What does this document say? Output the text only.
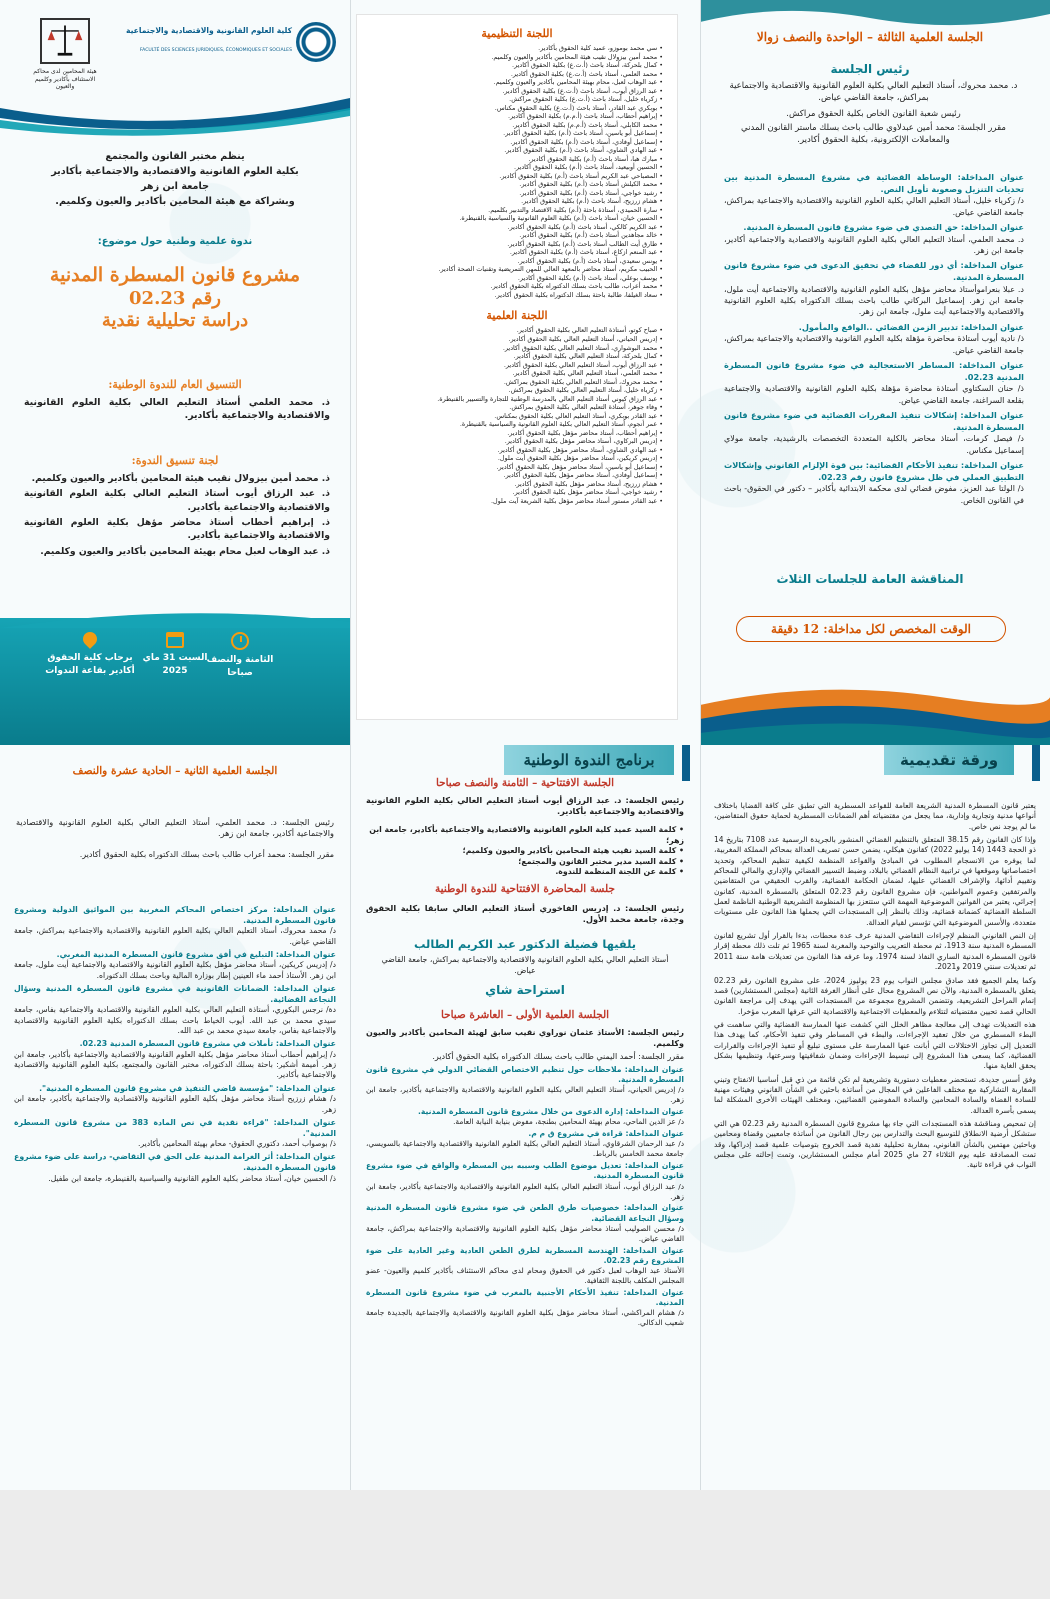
الجلسة العلمية الثالثة – الواحدة والنصف زوالا
رئيس الجلسة
د. محمد محروك، أستاذ التعليم العالي بكلية العلوم القانونية والاقتصادية والاجتماعية بمراكش، جامعة القاضي عياض.
رئيس شعبة القانون الخاص بكلية الحقوق مراكش.
مقرر الجلسة: محمد أمين عبدلاوي طالب باحث بسلك ماستر القانون المدني والمعاملات الإلكترونية، بكلية الحقوق أكادير.
عنوان المداخلة: الوساطة القضائية في مشروع المسطرة المدنية بين تحديات التنزيل وصعوبة تأويل النص.
د/ زكرياء خليل، أستاذ التعليم العالي بكلية العلوم القانونية والاقتصادية والاجتماعية بمراكش، جامعة القاضي عياض.
عنوان المداخلة: حق التصدي في ضوء مشروع قانون المسطرة المدنية.
د. محمد العلمي، أستاذ التعليم العالي بكلية العلوم القانونية والاقتصادية والاجتماعية أكادير، جامعة ابن زهر.
عنوان المداخلة: أي دور للقضاء في تحقيق الدعوى في ضوء مشروع قانون المسطرة المدنية.
د. عبلا بنعراموأستاذ محاضر مؤهل بكلية العلوم القانونية والاقتصادية والاجتماعية أيت ملول، جامعة ابن زهر. إسماعيل البركاني طالب باحث بسلك الدكتوراه بكلية العلوم القانونية والاقتصادية والاجتماعية أيت ملول، جامعة ابن زهر.
عنوان المداخلة: تدبير الزمن القضائي ..الواقع والمأمول.
ذ/ نادية أيوب أستاذة محاضرة مؤهلة بكلية العلوم القانونية والاقتصادية والاجتماعية بمراكش، جامعة القاضي عياض.
عنوان المداخلة: المساطر الاستعجالية في ضوء مشروع قانون المسطرة المدنية 02.23.
ذ/ حنان السكتاوي أستاذة محاضرة مؤهلة بكلية العلوم القانونية والاقتصادية والاجتماعية بقلعة السراغنة، جامعة القاضي عياض.
عنوان المداخلة: إشكالات تنفيذ المقررات القضائية في ضوء مشروع قانون المسطرة المدنية.
د/ فيصل كرمات، أستاذ محاضر بالكلية المتعددة التخصصات بالرشيدية، جامعة مولاي إسماعيل مكناس.
عنوان المداخلة: تنفيذ الأحكام القضائية: بين قوة الإلزام القانوني وإشكالات التطبيق العملي في ظل مشروع قانون رقم 02.23.
ذ/ الولتا عبد العزيز، مفوض قضائي لدى محكمة الابتدائية بأكادير – دكتور في الحقوق- باحث في القانون الخاص.
المناقشة العامة للجلسات الثلاث
الوقت المخصص لكل مداخلة: 12 دقيقة
اللجنة التنظيمية
• سي محمد بوموزو، عميد كلية الحقوق بأكادير.
• محمد أمين بيزولال نقيب هيئة المحامين بأكادير والعيون وكلميم.
• كمال بلحركة، أستاذ باحث (أ.ت.ع) بكلية الحقوق أكادير.
• محمد العلمي، أستاذ باحث (أ.ت.ع) بكلية الحقوق أكادير.
• عبد الوهاب لعبل، محام بهيئة المحامين بأكادير والعيون وكلميم.
• عبد الرزاق أيوب، أستاذ باحث (أ.ت.ع) بكلية الحقوق أكادير.
• زكرياء خليل، أستاذ باحث (أ.ت.ع) بكلية الحقوق مراكش.
• بوبكري عبد القادر، أستاذ باحث (أ.ت.ع) بكلية الحقوق مكناس.
• إبراهيم أحطاب، أستاذ باحث (أ.م.م) بكلية الحقوق أكادير.
• محمد الكابلي، أستاذ باحث (أ.م.م) بكلية الحقوق أكادير.
• إسماعيل أبو ياسين، أستاذ باحث (أ.م) بكلية الحقوق أكادير.
• إسماعيل أوفادي، أستاذ باحث (أ.م) بكلية الحقوق أكادير.
• عبد الهادي الشاوي، أستاذ باحث (أ.م) بكلية الحقوق أكادير.
• مبارك هبا، أستاذ باحث (أ.م) بكلية الحقوق أكادير.
• الحسين أوبيعيد، أستاذ باحث (أ.م) بكلية الحقوق أكادير.
• المصباحي عبد الكريم أستاذ باحث (أ.م) بكلية الحقوق أكادير.
• محمد الكيلش أستاذ باحث (أ.م) بكلية الحقوق أكادير.
• رشيد خواجي، أستاذ باحث (أ.م) بكلية الحقوق أكادير.
• هشام زرزيح، أستاذ باحث (أ.م) بكلية الحقوق أكادير.
• سارة الحميدي، أستاذة باحثة (أ.م) بكلية الاقتصاد والتدبير بكلميم.
• الحسين خيان، أستاذ باحث (أ.م) بكلية العلوم القانونية والسياسية بالقنيطرة.
• عبد الكريم كالكي، أستاذ باحث (أ.م) بكلية الحقوق أكادير.
• خالد مجاهدين أستاذ باحث (أ.م) بكلية الحقوق أكادير.
• طارق أيت الطالب أستاذ باحث (أ.م) بكلية الحقوق أكادير.
• عبد المنعم ازكاغ، أستاذ باحث (أ.م) بكلية الحقوق أكادير.
• يونس سعيدي، أستاذ باحث (أ.م) بكلية الحقوق أكادير.
• الحبيب مكريم، أستاذ محاضر بالمعهد العالي للمهن التمريضية وتقنيات الصحة أكادير.
• يوسف بوعلي، أستاذ باحث (أ.م) بكلية الحقوق أكادير.
• محمد أعراب، طالب باحث بسلك الدكتوراه بكلية الحقوق أكادير.
• سعاد الغيلفا، طالبة باحثة بسلك الدكتوراه بكلية الحقوق أكادير.
اللجنة العلمية
• صباح كوتو، أستاذة التعليم العالي بكلية الحقوق أكادير.
• إدريس الحياني، أستاذ التعليم العالي بكلية الحقوق أكادير.
• محمد البوشواري، أستاذ التعليم العالي بكلية الحقوق أكادير.
• كمال بلحركة، أستاذ التعليم العالي بكلية الحقوق أكادير.
• عبد الرزاق أيوب، أستاذ التعليم العالي بكلية الحقوق أكادير.
• محمد العلمي، أستاذ التعليم العالي بكلية الحقوق أكادير.
• محمد محروك، أستاذ التعليم العالي بكلية الحقوق بمراكش.
• زكرياء خليل، أستاذ التعليم العالي بكلية الحقوق بمراكش.
• عبد الرزاق كيوني أستاذ التعليم العالي بالمدرسة الوطنية للتجارة والتسيير بالقنيطرة.
• وفاء جوهر، أستاذة التعليم العالي بكلية الحقوق بمراكش.
• عبد القادر بوبكري، أستاذ التعليم العالي بكلية الحقوق بمكناس.
• عمر أنجوم، أستاذ التعليم العالي بكلية العلوم القانونية والسياسية بالقنيطرة.
• إبراهيم أحطاب، أستاذ محاضر مؤهل بكلية الحقوق أكادير.
• إدريس البركاوي، أستاذ محاضر مؤهل بكلية الحقوق أكادير.
• عبد الهادي الشاوي، أستاذ محاضر مؤهل بكلية الحقوق أكادير.
• إدريس كريكين، أستاذ محاضر مؤهل بكلية الحقوق أيت ملول.
• إسماعيل أبو ياسين، أستاذ محاضر مؤهل بكلية الحقوق أكادير.
• إسماعيل أوفادي، أستاذ محاضر مؤهل بكلية الحقوق أكادير.
• هشام زرزيح، أستاذ محاضر مؤهل بكلية الحقوق أكادير.
• رشيد خواجي، أستاذ محاضر مؤهل بكلية الحقوق أكادير.
• عبد القادر مستور أستاذ محاضر مؤهل بكلية الشريعة آيت ملول.
كلية العلوم القانونية والاقتصادية والاجتماعية
FACULTÉ DES SCIENCES JURIDIQUES, ÉCONOMIQUES ET SOCIALES
هيئة المحامين لدى محاكم الاستئناف بأكادير وكلميم والعيون
ينظم مختبر القانون والمجتمع
بكلية العلوم القانونية والاقتصادية والاجتماعية بأكادير
جامعة ابن زهر
وبشراكة مع هيئة المحامين بأكادير والعيون وكلميم.
ندوة علمية وطنية حول موضوع:
مشروع قانون المسطرة المدنية
رقم 02.23
دراسة تحليلية نقدية
التنسيق العام للندوة الوطنية:
ذ. محمد العلمي أستاذ التعليم العالي بكلية العلوم القانونية والاقتصادية والاجتماعية بأكادير.
لجنة تنسيق الندوة:
ذ. محمد أمين بيزولال نقيب هيئة المحامين بأكادير والعيون وكلميم.
ذ. عبد الرزاق أيوب أستاذ التعليم العالي بكلية العلوم القانونية والاقتصادية والاجتماعية بأكادير.
ذ. إبراهيم أحطاب أستاذ محاضر مؤهل بكلية العلوم القانونية والاقتصادية والاجتماعية بأكادير.
ذ. عبد الوهاب لعبل محام بهيئة المحامين بأكادير والعيون وكلميم.
الثامنة والنصف صباحا
السبت 31 ماي 2025
برحاب كلية الحقوق أكادير بقاعة الندوات
ورقة تقديمية

يعتبر قانون المسطرة المدنية الشريعة العامة للقواعد المسطرية التي تطبق على كافة القضايا باختلاف أنواعها مدنية وتجارية وإدارية، مما يجعل من مقتضياته أهم الضمانات المسطرية لحماية حقوق المتقاضين، ما لم يوجد نص خاص.

وإذا كان القانون رقم 38.15 المتعلق بالتنظيم القضائي المنشور بالجريدة الرسمية عدد 7108 بتاريخ 14 ذو الحجة 1443 (14 يوليو 2022) كقانون هيكلي، يضمن حسن تصريف العدالة بمحاكم المملكة المغربية، لما يوفره من الانسجام المطلوب في المبادئ والقواعد المنظمة لكيفية تنظيم المحاكم، وتحديد اختصاصاتها وموقعها في تراتبية النظام القضائي بالبلاد، وضبط التسيير القضائي والإداري والمالي للمحاكم وتقييم أدائها، والإشراف القضائي عليها، لضمان الحكامة القضائية، والقرب الحقيقي من المتقاضين والمرتفقين وعموم المواطنين، فإن مشروع القانون رقم 02.23 المتعلق بالمسطرة المدنية، كقانون إجرائي، يعتبر من القوانين الموضوعية المهمة التي ستتعزز بها المنظومة التشريعية الوطنية الناظمة لعمل السلطة القضائية كضمانة قضائية، وذلك بالنظر إلى المستجدات التي يحملها هذا القانون على مستويات متعددة، والأسس الموضوعية التي تؤسس لقيام العدالة.

إن النص القانوني المنظم لإجراءات التقاضي المدنية عرف عدة محطات، بدءا بالقرار أول تشريع لقانون المسطرة المدنية سنة 1913، ثم محطة التعريب والتوحيد والمغربة لسنة 1965 ثم تلت ذلك محطة إقرار قانون المسطرة المدنية الساري النفاذ لسنة 1974، وما عرفه هذا القانون من تعديلات هامة سنة 2011 ثم تعديلات سنتي 2019 و2021.

وكما يعلم الجميع فقد صادق مجلس النواب يوم 23 يوليوز 2024، على مشروع القانون رقم 02.23 يتعلق بالمسطرة المدنية، والآن نص المشروع محال على أنظار الغرفة الثانية (مجلس المستشارين) قصد إتمام المراحل التشريعية، وتتضمن المشروع مجموعة من المستجدات التي يهدف إلى مراجعة القانون الحالي قصد تحيين مقتضياته لتتلاءم والمعطيات الاجتماعية والاقتصادية التي عرفها المغرب مؤخرا.

هذه التعديلات تهدف إلى معالجة مظاهر الخلل التي كشفت عنها الممارسة القضائية والتي ساهمت في البطء المسطري من خلال تعقيد الإجراءات، والبطء في المساطر وفي تنفيذ الأحكام، كما يهدف هذا التعديل إلى تجاوز الاختلالات التي أبانت عنها الممارسة على مستوى تبليغ أو تنفيذ الإجراءات والقرارات القضائية، كما يسعى هذا المشروع إلى تبسيط الإجراءات وضمان شفافيتها وسرعتها، وتنظيمها بشكل يحقق الغاية منها.

وفق أسس جديدة، تستحضر معطيات دستورية وتشريعية لم تكن قائمة من ذي قبل أساسيا الانفتاح وتبني المقاربة التشاركية مع مختلف الفاعلين في المجال من أساتذة باحثين في الشأن القانوني وهيئات مهنية للسادة القضاة والسادة المحامين والسادة المفوضين القضائيين، ومختلف الهيئات الأخرى المشكلة لما يسمى بأسرة العدالة.

إن تمحيص ومناقشة هذه المستجدات التي جاء بها مشروع قانون المسطرة المدنية رقم 02.23 هي التي ستشكل أرضية الانطلاق للتوسيع البحث والتدارس بين رجال القانون من أساتذة جامعيين وقضاة ومحامين وباحثين مهتمين بالشأن القانوني، بمقاربة تحليلية نقدية قصد الخروج بتوصيات علمية قصد إدراكها، وقد تمت المصادقة عليه يوم الثلاثاء 27 ماي 2025 أمام مجلس المستشارين، وتمت إحالته على مجلس النواب في قراءة ثانية.

برنامج الندوة الوطنية
الجلسة الافتتاحية – الثامنة والنصف صباحا
رئيس الجلسة: د. عبد الرزاق أيوب أستاذ التعليم العالي بكلية العلوم القانونية والاقتصادية والاجتماعية بأكادير.
• كلمة السيد عميد كلية العلوم القانونية والاقتصادية والاجتماعية بأكادير، جامعة ابن زهر؛
• كلمة السيد نقيب هيئة المحامين بأكادير والعيون وكلميم؛
• كلمة السيد مدير مختبر القانون والمجتمع؛
• كلمة عن اللجنة المنظمة للندوة.
جلسة المحاضرة الافتتاحية للندوة الوطنية
رئيس الجلسة: د. إدريس الفاخوري أستاذ التعليم العالي سابقا بكلية الحقوق وجدة، جامعة محمد الأول.
يلقيها فضيلة الدكتور عبد الكريم الطالب
أستاذ التعليم العالي بكلية العلوم القانونية والاقتصادية والاجتماعية بمراكش، جامعة القاضي عياض.
استراحة شاي
الجلسة العلمية الأولى – العاشرة صباحا
رئيس الجلسة: الأستاذ عثمان نوراوي نقيب سابق لهيئة المحامين بأكادير والعيون وكلميم.
مقرر الجلسة: أحمد اليمني طالب باحث بسلك الدكتوراه بكلية الحقوق أكادير.
عنوان المداخلة: ملاحظات حول تنظيم الاختصاص القضائي الدولي في مشروع قانون المسطرة المدنية.
د/ إدريس الحياني، أستاذ التعليم العالي بكلية العلوم القانونية والاقتصادية والاجتماعية بأكادير، جامعة ابن زهر.
عنوان المداخلة: إدارة الدعوى من خلال مشروع قانون المسطرة المدنية.
د/ عز الدين الماحي، محام بهيئة المحامين بطنجة، مفوض بنيابة النيابة العامة.
عنوان المداخلة: قراءة في مشروع ق م م.
د/ عبد الرحمان الشرقاوي، أستاذ التعليم العالي بكلية العلوم القانونية والاقتصادية والاجتماعية بالسويسي، جامعة محمد الخامس بالرباط.
عنوان المداخلة: تعديل موضوع الطلب وسببه بين المسطرة والواقع في ضوء مشروع قانون المسطرة المدنية.
د/ عبد الرزاق أيوب، أستاذ التعليم العالي بكلية العلوم القانونية والاقتصادية والاجتماعية بأكادير، جامعة ابن زهر.
عنوان المداخلة: خصوصيات طرق الطعن في ضوء مشروع قانون المسطرة المدنية وسؤال النجاعة القضائية.
د/ محسن الصوليب أستاذ محاضر مؤهل بكلية العلوم القانونية والاقتصادية والاجتماعية بمراكش، جامعة القاضي عياض.
عنوان المداخلة: الهندسة المسطرية لطرق الطعن العادية وغير العادية على ضوء المشروع رقم 02.23.
الأستاذ عبد الوهاب لعبل دكتور في الحقوق ومحام لدى محاكم الاستئناف بأكادير كلميم والعيون- عضو المجلس المكلف باللجنة الثقافية.
عنوان المداخلة: تنفيذ الأحكام الأجنبية بالمغرب في ضوء مشروع قانون المسطرة المدنية.
د/ هشام المراكشي، أستاذ محاضر مؤهل بكلية العلوم القانونية والاقتصادية والاجتماعية بالجديدة جامعة شعيب الدكالي.
الجلسة العلمية الثانية – الحادية عشرة والنصف
رئيس الجلسة: د. محمد العلمي، أستاذ التعليم العالي بكلية العلوم القانونية والاقتصادية والاجتماعية أكادير، جامعة ابن زهر.
مقرر الجلسة: محمد أعراب طالب باحث بسلك الدكتوراه بكلية الحقوق أكادير.
عنوان المداخلة: مركز اختصاص المحاكم المغربية بين المواثيق الدولية ومشروع قانون المسطرة المدنية.
د/ محمد محروك، أستاذ التعليم العالي بكلية العلوم القانونية والاقتصادية والاجتماعية بمراكش، جامعة القاضي عياض.
عنوان المداخلة: التبليغ في أفق مشروع قانون المسطرة المدنية المغربي.
د/ إدريس كريكين، أستاذ محاضر مؤهل بكلية العلوم القانونية والاقتصادية والاجتماعية أيت ملول، جامعة ابن زهر. الأستاذ أحمد ماء العينين إطار بوزارة المالية وباحث بسلك الدكتوراه.
عنوان المداخلة: الضمانات القانونية في مشروع قانون المسطرة المدنية وسؤال النجاعة القضائية.
دة/ نرجس البكوري، أستاذة التعليم العالي بكلية العلوم القانونية والاقتصادية والاجتماعية بفاس، جامعة سيدي محمد بن عبد الله. أيوب الخياط باحث بسلك الدكتوراه بكلية العلوم القانونية والاقتصادية والاجتماعية بفاس، جامعة سيدي محمد بن عبد الله.
عنوان المداخلة: تأملات في مشروع قانون المسطرة المدنية 02.23.
د/ إبراهيم أحطاب أستاذ محاضر مؤهل بكلية العلوم القانونية والاقتصادية والاجتماعية بأكادير، جامعة ابن زهر. أميمة أشكير: باحثة بسلك الدكتوراه، مختبر القانون والمجتمع، بكلية العلوم القانونية والاقتصادية والاجتماعية بأكادير.
عنوان المداخلة: "مؤسسة قاضي التنفيذ في مشروع قانون المسطرة المدنية".
د/ هشام زرزيح أستاذ محاضر مؤهل بكلية العلوم القانونية والاقتصادية والاجتماعية بأكادير، جامعة ابن زهر.
عنوان المداخلة: "قراءة نقدية في نص المادة 383 من مشروع قانون المسطرة المدنية".
ذ/ بوصواب أحمد، دكتوري الحقوق- محام بهيئة المحامين بأكادير.
عنوان المداخلة: أثر الغرامة المدنية على الحق في التقاضي- دراسة على ضوء مشروع قانون المسطرة المدنية.
ذ/ الحسين خيان، أستاذ محاضر بكلية العلوم القانونية والسياسية بالقنيطرة، جامعة ابن طفيل.
